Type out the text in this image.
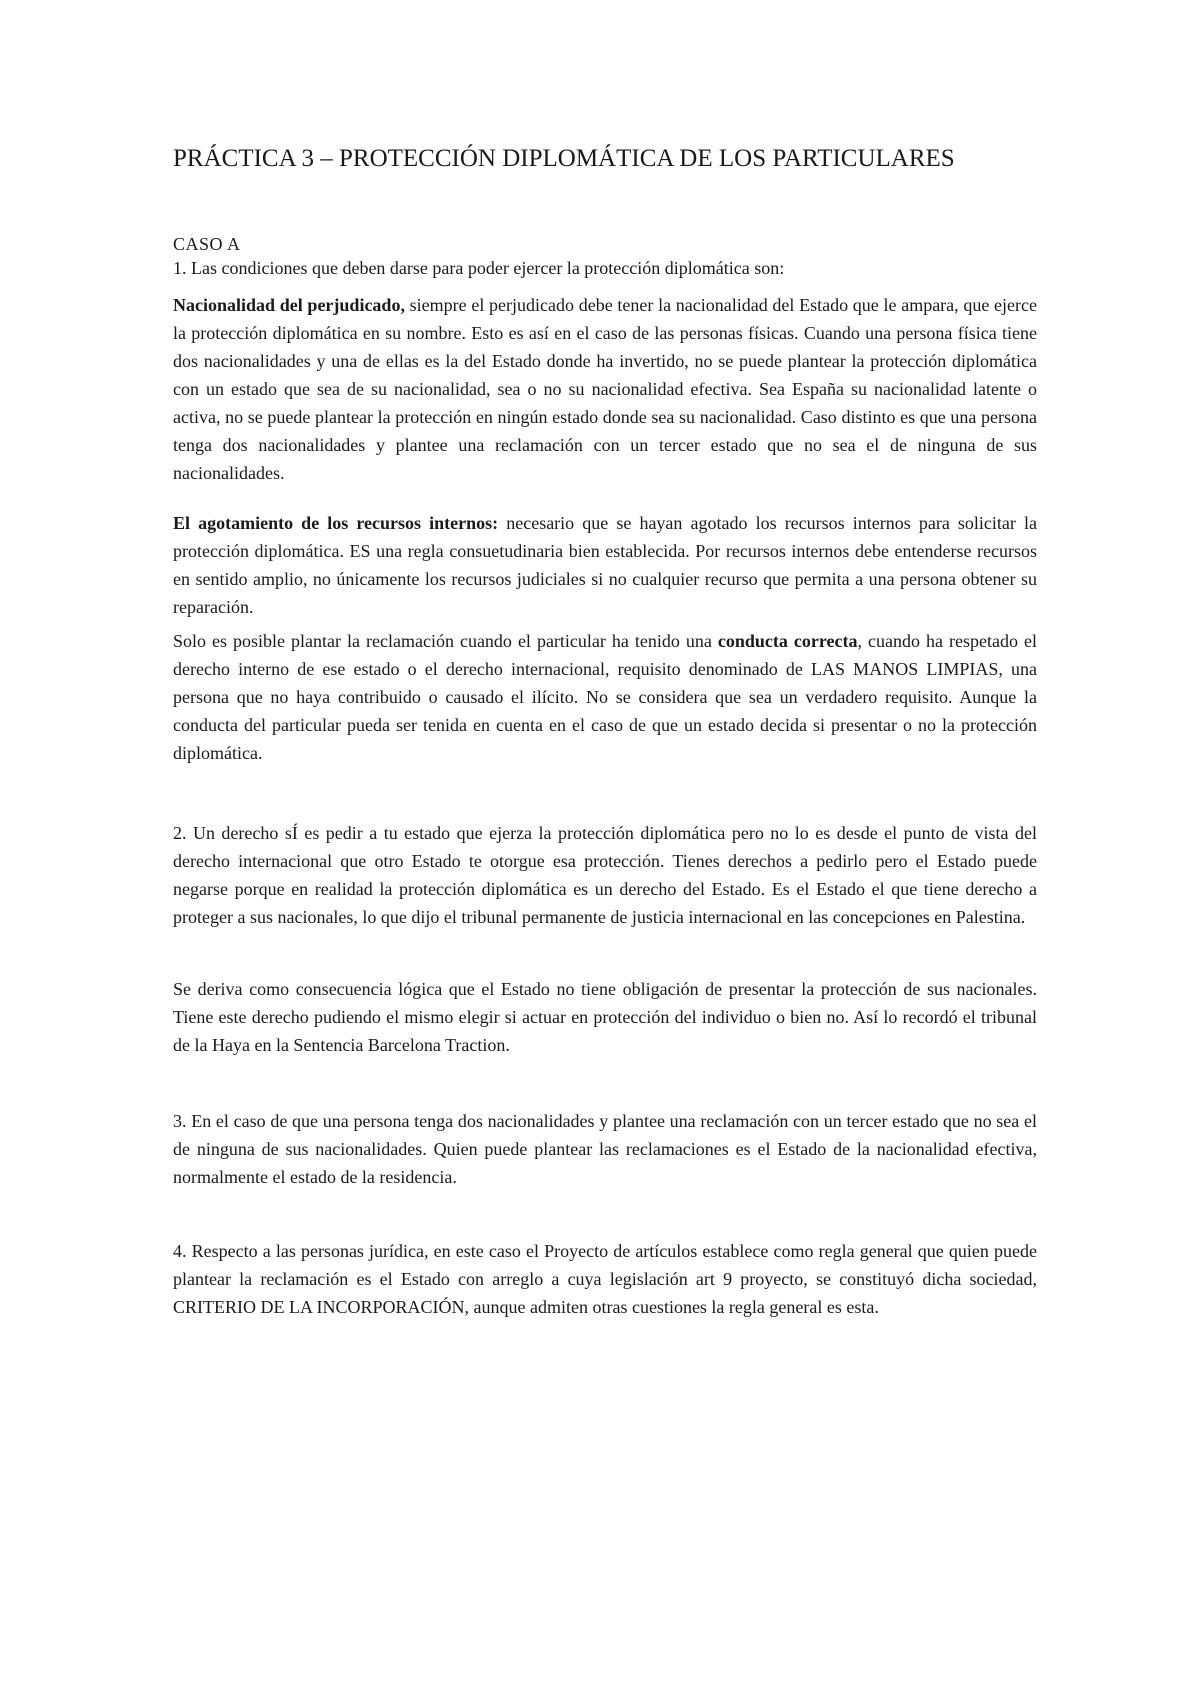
PRÁCTICA 3 – PROTECCIÓN DIPLOMÁTICA DE LOS PARTICULARES
CASO A

1. Las condiciones que deben darse para poder ejercer la protección diplomática son:

Nacionalidad del perjudicado, siempre el perjudicado debe tener la nacionalidad del Estado que le ampara, que ejerce la protección diplomática en su nombre. Esto es así en el caso de las personas físicas. Cuando una persona física tiene dos nacionalidades y una de ellas es la del Estado donde ha invertido, no se puede plantear la protección diplomática con un estado que sea de su nacionalidad, sea o no su nacionalidad efectiva. Sea España su nacionalidad latente o activa, no se puede plantear la protección en ningún estado donde sea su nacionalidad. Caso distinto es que una persona tenga dos nacionalidades y plantee una reclamación con un tercer estado que no sea el de ninguna de sus nacionalidades.

El agotamiento de los recursos internos: necesario que se hayan agotado los recursos internos para solicitar la protección diplomática. ES una regla consuetudinaria bien establecida. Por recursos internos debe entenderse recursos en sentido amplio, no únicamente los recursos judiciales si no cualquier recurso que permita a una persona obtener su reparación.

Solo es posible plantar la reclamación cuando el particular ha tenido una conducta correcta, cuando ha respetado el derecho interno de ese estado o el derecho internacional, requisito denominado de LAS MANOS LIMPIAS, una persona que no haya contribuido o causado el ilícito. No se considera que sea un verdadero requisito. Aunque la conducta del particular pueda ser tenida en cuenta en el caso de que un estado decida si presentar o no la protección diplomática.

2. Un derecho sÍ es pedir a tu estado que ejerza la protección diplomática pero no lo es desde el punto de vista del derecho internacional que otro Estado te otorgue esa protección. Tienes derechos a pedirlo pero el Estado puede negarse porque en realidad la protección diplomática es un derecho del Estado. Es el Estado el que tiene derecho a proteger a sus nacionales, lo que dijo el tribunal permanente de justicia internacional en las concepciones en Palestina.

Se deriva como consecuencia lógica que el Estado no tiene obligación de presentar la protección de sus nacionales. Tiene este derecho pudiendo el mismo elegir si actuar en protección del individuo o bien no. Así lo recordó el tribunal de la Haya en la Sentencia Barcelona Traction.

3. En el caso de que una persona tenga dos nacionalidades y plantee una reclamación con un tercer estado que no sea el de ninguna de sus nacionalidades. Quien puede plantear las reclamaciones es el Estado de la nacionalidad efectiva, normalmente el estado de la residencia.

4. Respecto a las personas jurídica, en este caso el Proyecto de artículos establece como regla general que quien puede plantear la reclamación es el Estado con arreglo a cuya legislación art 9 proyecto, se constituyó dicha sociedad, CRITERIO DE LA INCORPORACIÓN, aunque admiten otras cuestiones la regla general es esta.
